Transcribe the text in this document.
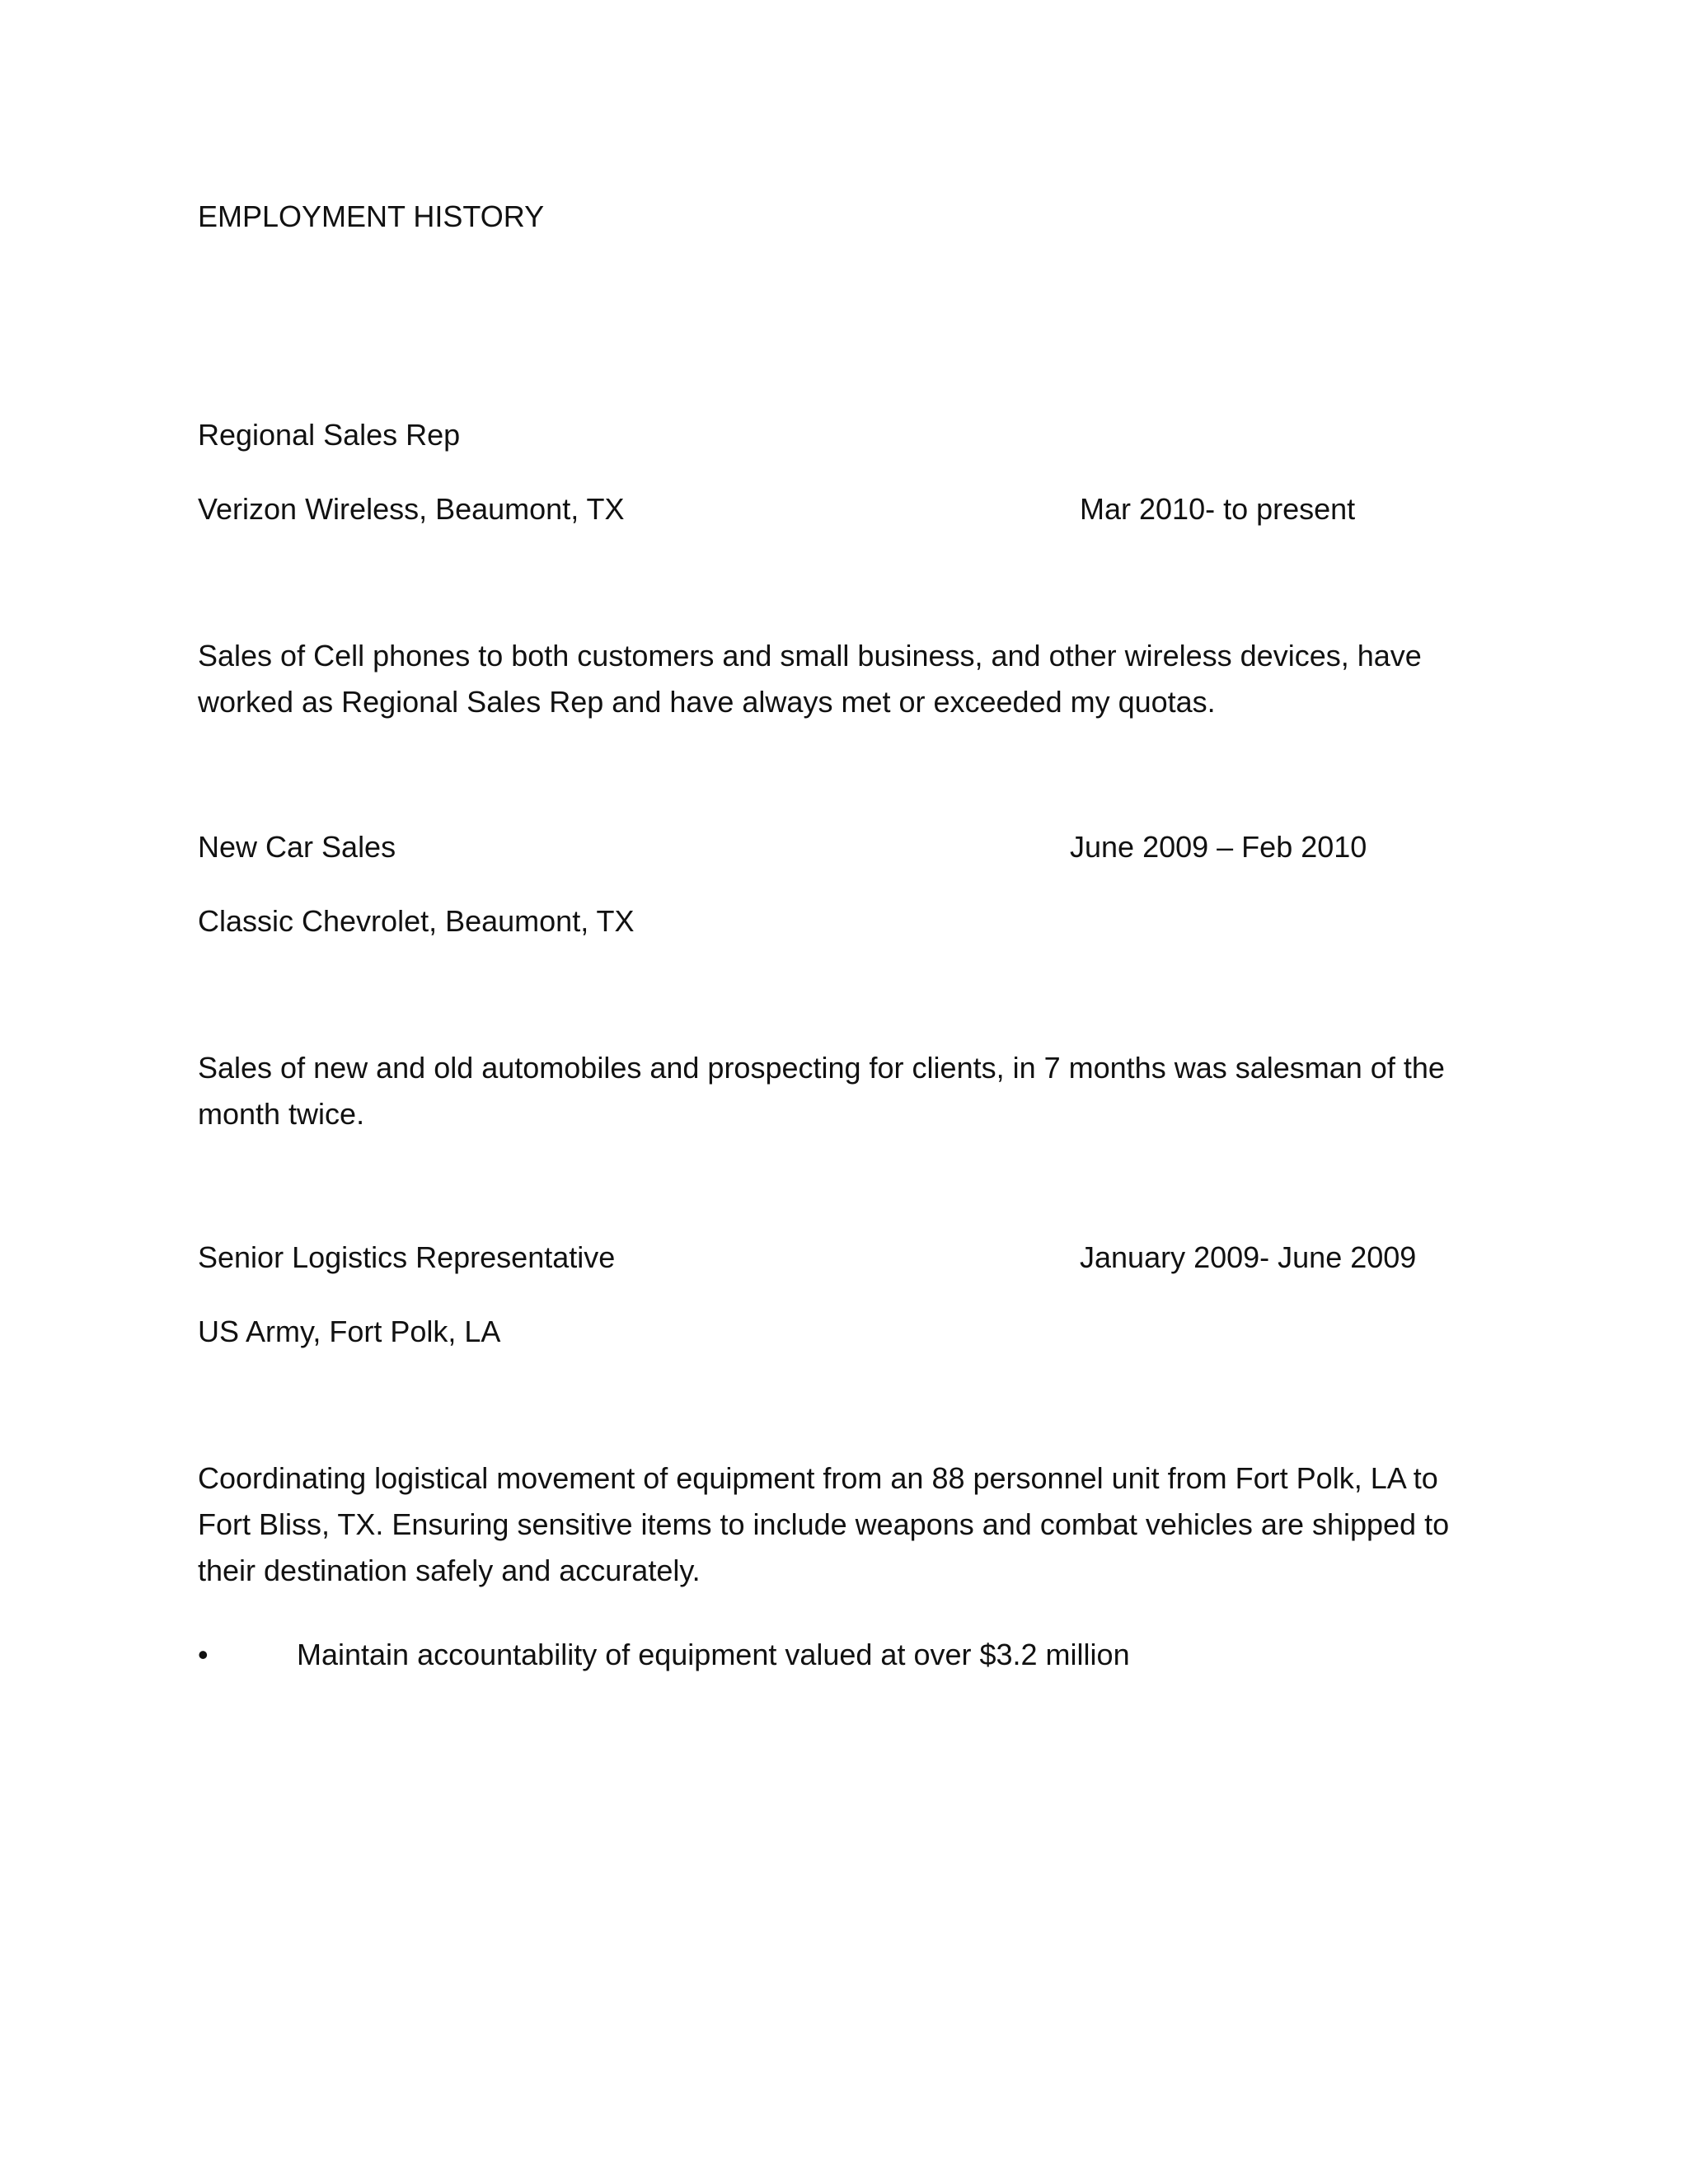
EMPLOYMENT HISTORY

Regional Sales Rep

Verizon Wireless, Beaumont, TX	Mar 2010- to present

Sales of Cell phones to both customers and small business, and other wireless devices, have worked as Regional Sales Rep and have always met or exceeded my quotas.

New Car Sales	June 2009 – Feb 2010

Classic Chevrolet, Beaumont, TX

Sales of new and old automobiles and prospecting for clients, in 7 months was salesman of the month twice.

Senior Logistics Representative	January 2009- June 2009

US Army, Fort Polk, LA

Coordinating logistical movement of equipment from an 88 personnel unit from Fort Polk, LA to Fort Bliss, TX. Ensuring sensitive items to include weapons and combat vehicles are shipped to their destination safely and accurately.

•	Maintain accountability of equipment valued at over $3.2 million
